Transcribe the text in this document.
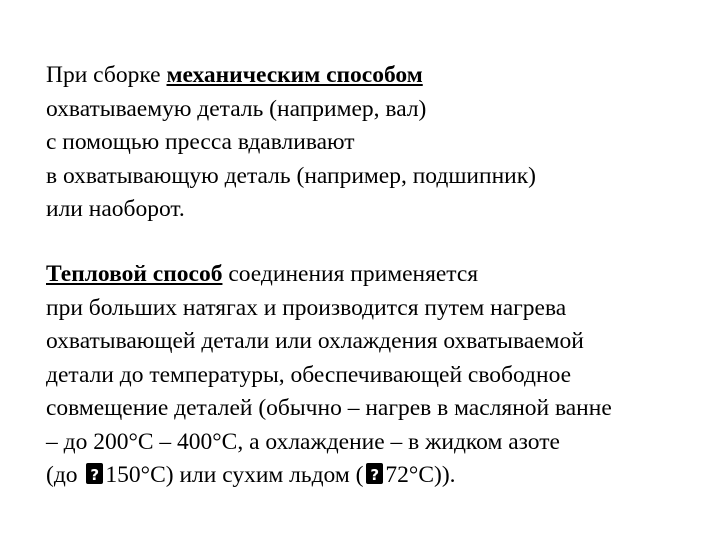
При сборке механическим способом
охватываемую деталь (например, вал)
с помощью пресса вдавливают
в охватывающую деталь (например, подшипник)
или наоборот.
Тепловой способ соединения применяется
при больших натягах и производится путем нагрева
охватывающей детали или охлаждения охватываемой
детали до температуры, обеспечивающей свободное
совмещение деталей (обычно – нагрев в масляной ванне
– до 200°С – 400°С, а охлаждение – в жидком азоте
(до ?150°С) или сухим льдом (? 72°С)).
